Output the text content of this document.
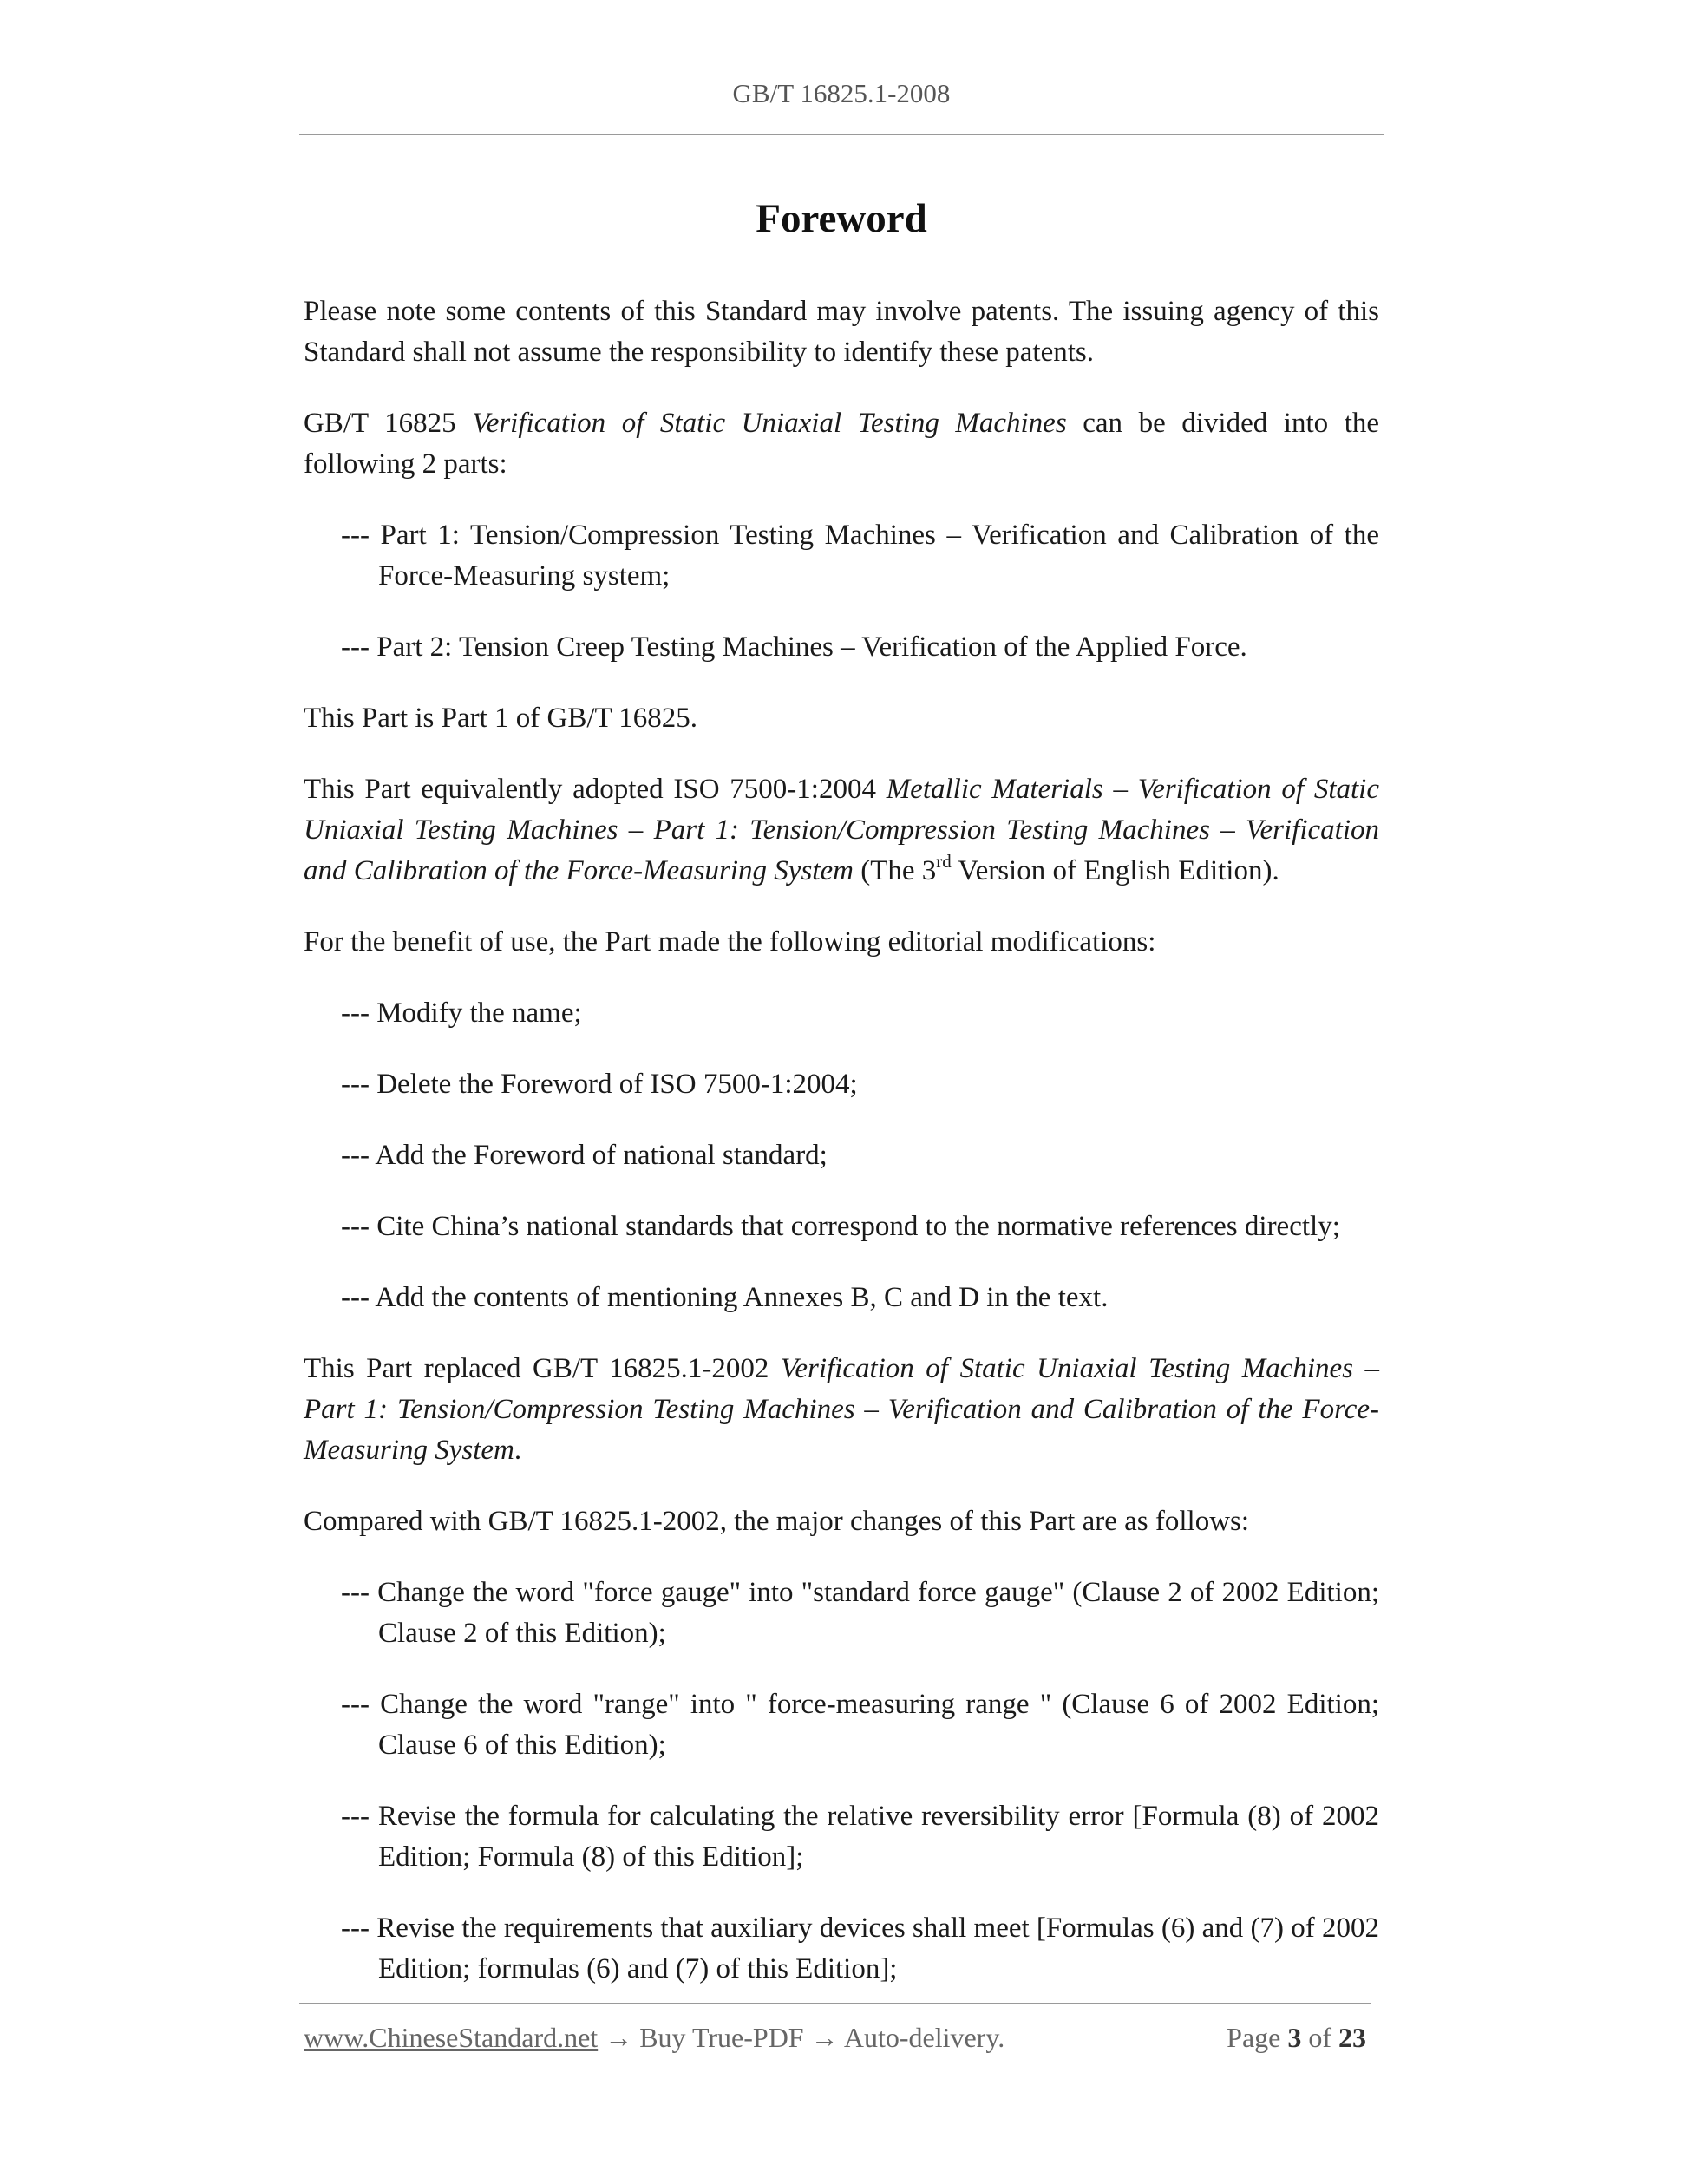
GB/T 16825.1-2008
Foreword

Please note some contents of this Standard may involve patents. The issuing agency of this Standard shall not assume the responsibility to identify these patents.

GB/T 16825 Verification of Static Uniaxial Testing Machines can be divided into the following 2 parts:

--- Part 1: Tension/Compression Testing Machines – Verification and Calibration of the Force-Measuring system;

--- Part 2: Tension Creep Testing Machines – Verification of the Applied Force.

This Part is Part 1 of GB/T 16825.

This Part equivalently adopted ISO 7500-1:2004 Metallic Materials – Verification of Static Uniaxial Testing Machines – Part 1: Tension/Compression Testing Machines – Verification and Calibration of the Force-Measuring System (The 3rd Version of English Edition).

For the benefit of use, the Part made the following editorial modifications:

--- Modify the name;

--- Delete the Foreword of ISO 7500-1:2004;

--- Add the Foreword of national standard;

--- Cite China’s national standards that correspond to the normative references directly;

--- Add the contents of mentioning Annexes B, C and D in the text.

This Part replaced GB/T 16825.1-2002 Verification of Static Uniaxial Testing Machines – Part 1: Tension/Compression Testing Machines – Verification and Calibration of the Force-Measuring System.

Compared with GB/T 16825.1-2002, the major changes of this Part are as follows:

--- Change the word "force gauge" into "standard force gauge" (Clause 2 of 2002 Edition; Clause 2 of this Edition);

--- Change the word "range" into " force-measuring range " (Clause 6 of 2002 Edition; Clause 6 of this Edition);

--- Revise the formula for calculating the relative reversibility error [Formula (8) of 2002 Edition; Formula (8) of this Edition];

--- Revise the requirements that auxiliary devices shall meet [Formulas (6) and (7) of 2002 Edition; formulas (6) and (7) of this Edition];

www.ChineseStandard.net → Buy True-PDF → Auto-delivery.	Page 3 of 23
